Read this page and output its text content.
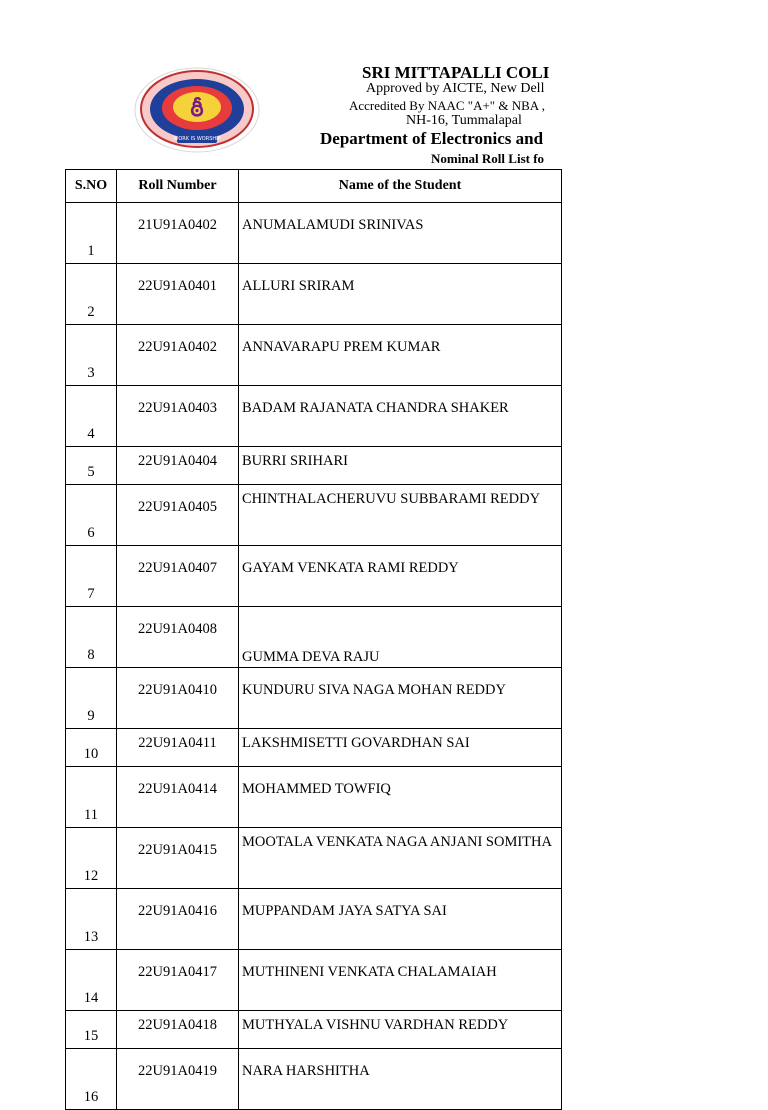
ఠీ
WORK IS WORSHIP
SRI MITTAPALLI COLI
Approved by AICTE, New Dell
Accredited By NAAC "A+" & NBA ,
NH-16, Tummalapal
Department of Electronics and
Nominal Roll List fo
S.NO	Roll Number	Name of the Student
1	21U91A0402	ANUMALAMUDI SRINIVAS
2	22U91A0401	ALLURI SRIRAM
3	22U91A0402	ANNAVARAPU PREM KUMAR
4	22U91A0403	BADAM RAJANATA CHANDRA SHAKER
5	22U91A0404	BURRI SRIHARI
6	22U91A0405	CHINTHALACHERUVU SUBBARAMI REDDY
7	22U91A0407	GAYAM VENKATA RAMI REDDY
8	22U91A0408	GUMMA DEVA RAJU
9	22U91A0410	KUNDURU SIVA NAGA MOHAN REDDY
10	22U91A0411	LAKSHMISETTI GOVARDHAN SAI
11	22U91A0414	MOHAMMED TOWFIQ
12	22U91A0415	MOOTALA VENKATA NAGA ANJANI SOMITHA
13	22U91A0416	MUPPANDAM JAYA SATYA SAI
14	22U91A0417	MUTHINENI VENKATA CHALAMAIAH
15	22U91A0418	MUTHYALA VISHNU VARDHAN REDDY
16	22U91A0419	NARA HARSHITHA
